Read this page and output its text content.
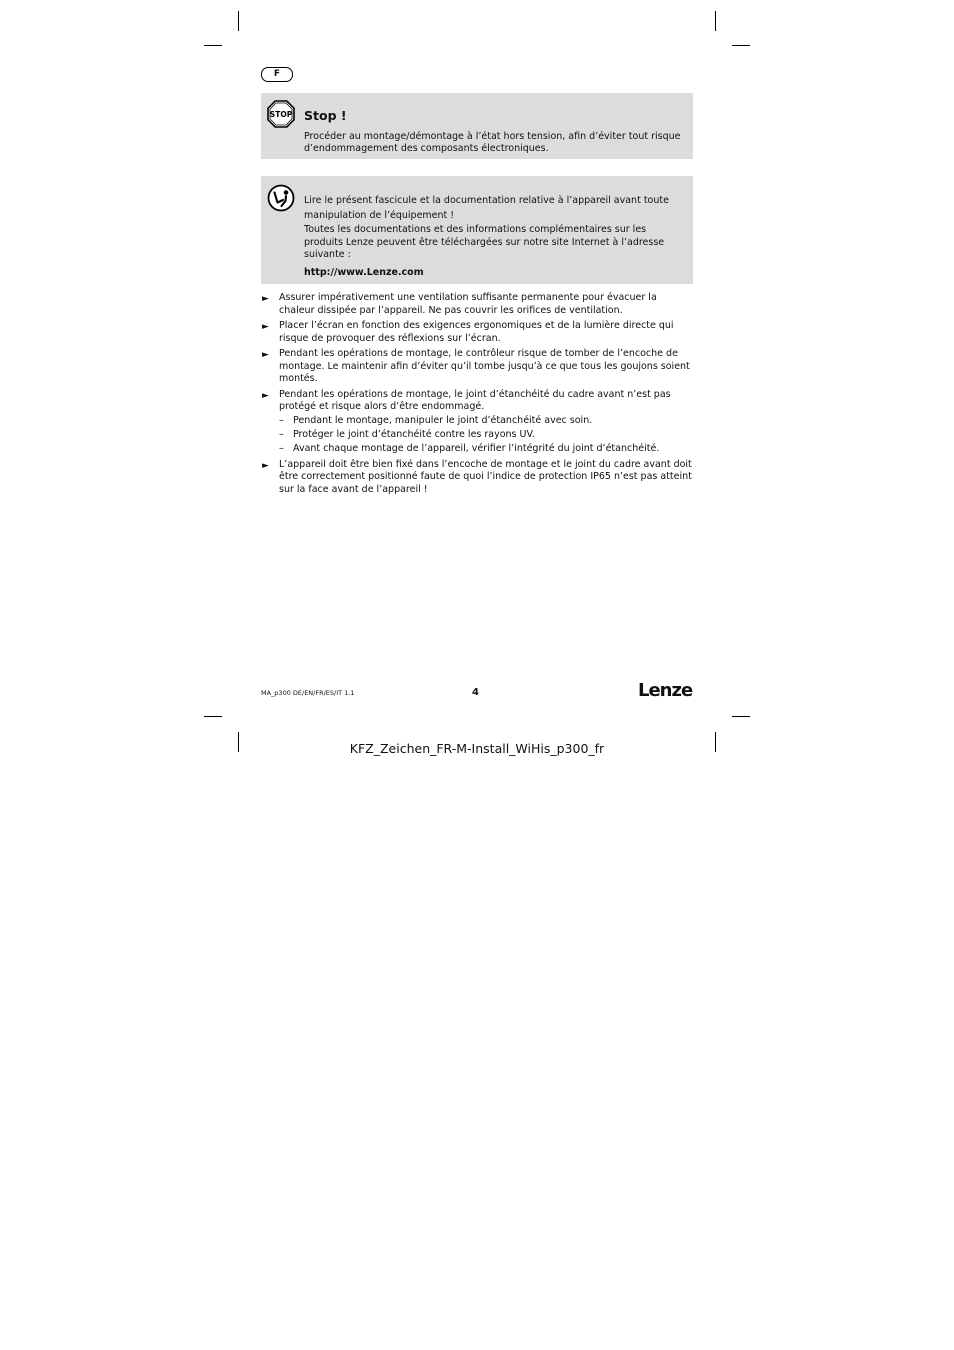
F
STOP Stop !
Procéder au montage/démontage à l’état hors tension, afin d’éviter tout risque d’endommagement des composants électroniques.

Lire le présent fascicule et la documentation relative à l’appareil avant toute manipulation de l’équipement !

Toutes les documentations et des informations complémentaires sur les produits Lenze peuvent être téléchargées sur notre site Internet à l’adresse suivante :

http://www.Lenze.com
► Assurer impérativement une ventilation suffisante permanente pour évacuer la chaleur dissipée par l’appareil. Ne pas couvrir les orifices de ventilation.
► Placer l’écran en fonction des exigences ergonomiques et de la lumière directe qui risque de provoquer des réflexions sur l’écran.
► Pendant les opérations de montage, le contrôleur risque de tomber de l’encoche de montage. Le maintenir afin d’éviter qu’il tombe jusqu’à ce que tous les goujons soient montés.
► Pendant les opérations de montage, le joint d’étanchéité du cadre avant n’est pas protégé et risque alors d’être endommagé.
– Pendant le montage, manipuler le joint d’étanchéité avec soin.
– Protéger le joint d’étanchéité contre les rayons UV.
– Avant chaque montage de l’appareil, vérifier l’intégrité du joint d’étanchéité.
► L’appareil doit être bien fixé dans l’encoche de montage et le joint du cadre avant doit être correctement positionné faute de quoi l’indice de protection IP65 n’est pas atteint sur la face avant de l’appareil !
MA_p300 DE/EN/FR/ES/IT 1.1	4	Lenze
KFZ_Zeichen_FR-M-Install_WiHis_p300_fr
